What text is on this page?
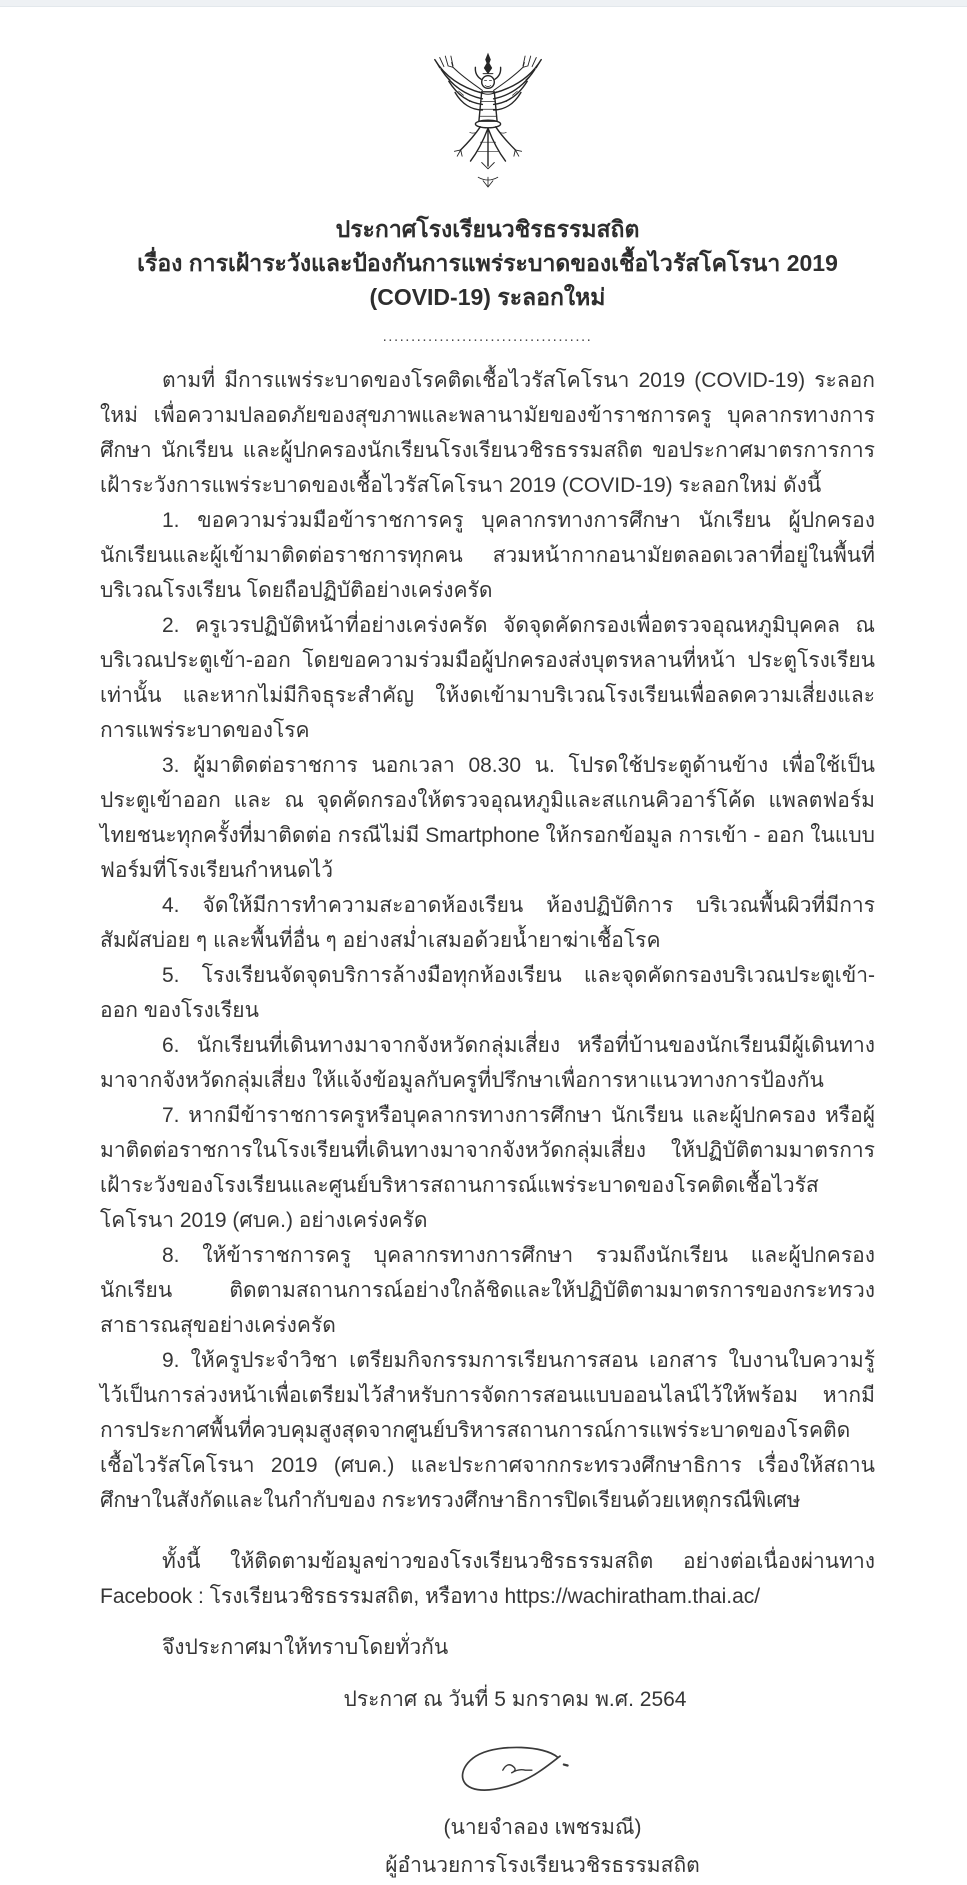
ประกาศโรงเรียนวชิรธรรมสถิต
เรื่อง การเฝ้าระวังและป้องกันการแพร่ระบาดของเชื้อไวรัสโคโรนา 2019 (COVID-19) ระลอกใหม่
.....................................

ตามที่ มีการแพร่ระบาดของโรคติดเชื้อไวรัสโคโรนา 2019 (COVID-19) ระลอกใหม่ เพื่อความปลอดภัยของสุขภาพและพลานามัยของข้าราชการครู บุคลากรทางการศึกษา นักเรียน และผู้ปกครองนักเรียนโรงเรียนวชิรธรรมสถิต ขอประกาศมาตรการการเฝ้าระวังการแพร่ระบาดของเชื้อไวรัสโคโรนา 2019 (COVID-19) ระลอกใหม่ ดังนี้

1. ขอความร่วมมือข้าราชการครู บุคลากรทางการศึกษา นักเรียน ผู้ปกครองนักเรียนและผู้เข้ามาติดต่อราชการทุกคน สวมหน้ากากอนามัยตลอดเวลาที่อยู่ในพื้นที่บริเวณโรงเรียน โดยถือปฏิบัติอย่างเคร่งครัด

2. ครูเวรปฏิบัติหน้าที่อย่างเคร่งครัด จัดจุดคัดกรองเพื่อตรวจอุณหภูมิบุคคล ณ บริเวณประตูเข้า-ออก โดยขอความร่วมมือผู้ปกครองส่งบุตรหลานที่หน้า ประตูโรงเรียนเท่านั้น และหากไม่มีกิจธุระสำคัญ ให้งดเข้ามาบริเวณโรงเรียนเพื่อลดความเสี่ยงและการแพร่ระบาดของโรค

3. ผู้มาติดต่อราชการ นอกเวลา 08.30 น. โปรดใช้ประตูด้านข้าง เพื่อใช้เป็นประตูเข้าออก และ ณ จุดคัดกรองให้ตรวจอุณหภูมิและสแกนคิวอาร์โค้ด แพลตฟอร์มไทยชนะทุกครั้งที่มาติดต่อ กรณีไม่มี Smartphone ให้กรอกข้อมูล การเข้า - ออก ในแบบฟอร์มที่โรงเรียนกำหนดไว้

4. จัดให้มีการทำความสะอาดห้องเรียน ห้องปฏิบัติการ บริเวณพื้นผิวที่มีการสัมผัสบ่อย ๆ และพื้นที่อื่น ๆ อย่างสม่ำเสมอด้วยน้ำยาฆ่าเชื้อโรค

5. โรงเรียนจัดจุดบริการล้างมือทุกห้องเรียน และจุดคัดกรองบริเวณประตูเข้า-ออก ของโรงเรียน

6. นักเรียนที่เดินทางมาจากจังหวัดกลุ่มเสี่ยง หรือที่บ้านของนักเรียนมีผู้เดินทางมาจากจังหวัดกลุ่มเสี่ยง ให้แจ้งข้อมูลกับครูที่ปรึกษาเพื่อการหาแนวทางการป้องกัน

7. หากมีข้าราชการครูหรือบุคลากรทางการศึกษา นักเรียน และผู้ปกครอง หรือผู้มาติดต่อราชการในโรงเรียนที่เดินทางมาจากจังหวัดกลุ่มเสี่ยง ให้ปฏิบัติตามมาตรการเฝ้าระวังของโรงเรียนและศูนย์บริหารสถานการณ์แพร่ระบาดของโรคติดเชื้อไวรัสโคโรนา 2019 (ศบค.) อย่างเคร่งครัด

8. ให้ข้าราชการครู บุคลากรทางการศึกษา รวมถึงนักเรียน และผู้ปกครองนักเรียน ติดตามสถานการณ์อย่างใกล้ชิดและให้ปฏิบัติตามมาตรการของกระทรวงสาธารณสุขอย่างเคร่งครัด

9. ให้ครูประจำวิชา เตรียมกิจกรรมการเรียนการสอน เอกสาร ใบงานใบความรู้ไว้เป็นการล่วงหน้าเพื่อเตรียมไว้สำหรับการจัดการสอนแบบออนไลน์ไว้ให้พร้อม หากมีการประกาศพื้นที่ควบคุมสูงสุดจากศูนย์บริหารสถานการณ์การแพร่ระบาดของโรคติดเชื้อไวรัสโคโรนา 2019 (ศบค.) และประกาศจากกระทรวงศึกษาธิการ เรื่องให้สถานศึกษาในสังกัดและในกำกับของ กระทรวงศึกษาธิการปิดเรียนด้วยเหตุกรณีพิเศษ

ทั้งนี้ ให้ติดตามข้อมูลข่าวของโรงเรียนวชิรธรรมสถิต อย่างต่อเนื่องผ่านทาง Facebook : โรงเรียนวชิรธรรมสถิต, หรือทาง https://wachiratham.thai.ac/

จึงประกาศมาให้ทราบโดยทั่วกัน

ประกาศ ณ วันที่ 5 มกราคม พ.ศ. 2564
(นายจำลอง เพชรมณี)
ผู้อำนวยการโรงเรียนวชิรธรรมสถิต
